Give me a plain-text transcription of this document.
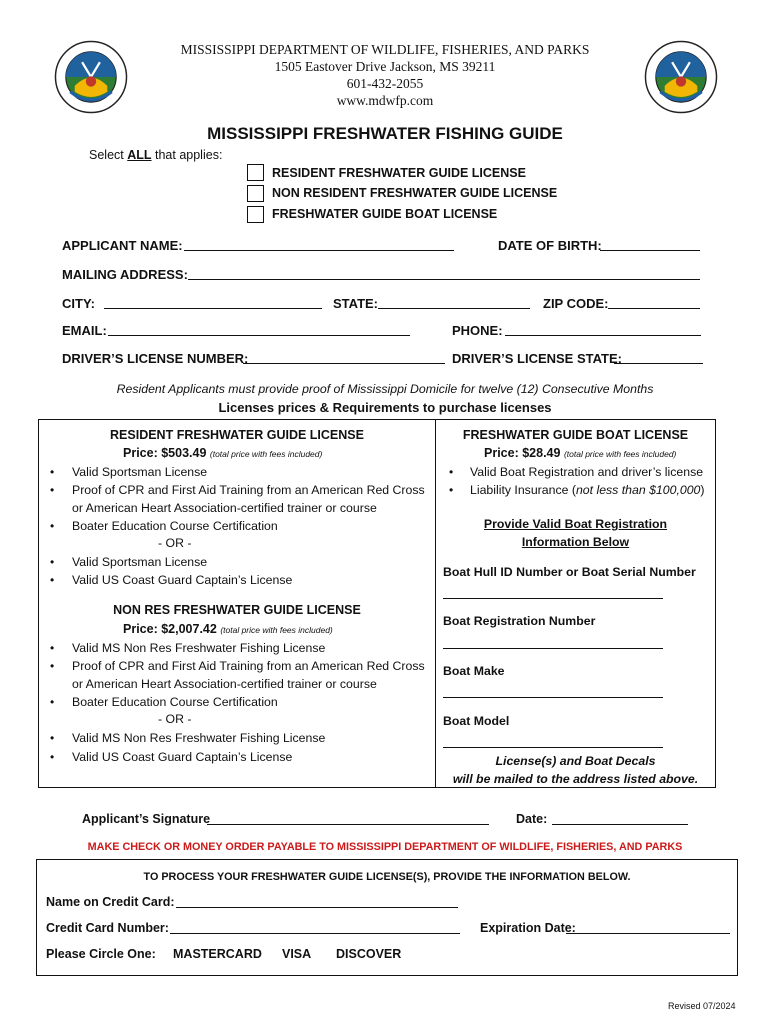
MISSISSIPPI DEPARTMENT OF WILDLIFE, FISHERIES, AND PARKS
1505 Eastover Drive Jackson, MS 39211
601-432-2055
www.mdwfp.com
MISSISSIPPI FRESHWATER FISHING GUIDE
Select ALL that applies:
RESIDENT FRESHWATER GUIDE LICENSE
NON RESIDENT FRESHWATER GUIDE LICENSE
FRESHWATER GUIDE BOAT LICENSE
APPLICANT NAME:	DATE OF BIRTH:
MAILING ADDRESS:
CITY:	STATE:	ZIP CODE:
EMAIL:	PHONE:
DRIVER’S LICENSE NUMBER:	DRIVER’S LICENSE STATE:
Resident Applicants must provide proof of Mississippi Domicile for twelve (12) Consecutive Months
Licenses prices & Requirements to purchase licenses
RESIDENT FRESHWATER GUIDE LICENSE
Price: $503.49 (total price with fees included)
• Valid Sportsman License
• Proof of CPR and First Aid Training from an American Red Cross
or American Heart Association-certified trainer or course
• Boater Education Course Certification
- OR -
• Valid Sportsman License
• Valid US Coast Guard Captain’s License
NON RES FRESHWATER GUIDE LICENSE
Price: $2,007.42 (total price with fees included)
• Valid MS Non Res Freshwater Fishing License
• Proof of CPR and First Aid Training from an American Red Cross
or American Heart Association-certified trainer or course
• Boater Education Course Certification
- OR -
• Valid MS Non Res Freshwater Fishing License
• Valid US Coast Guard Captain’s License
FRESHWATER GUIDE BOAT LICENSE
Price: $28.49 (total price with fees included)
• Valid Boat Registration and driver’s license
• Liability Insurance (not less than $100,000)
Provide Valid Boat Registration
Information Below
Boat Hull ID Number or Boat Serial Number
Boat Registration Number
Boat Make
Boat Model
License(s) and Boat Decals
will be mailed to the address listed above.
Applicant’s Signature	Date:
MAKE CHECK OR MONEY ORDER PAYABLE TO MISSISSIPPI DEPARTMENT OF WILDLIFE, FISHERIES, AND PARKS
TO PROCESS YOUR FRESHWATER GUIDE LICENSE(S), PROVIDE THE INFORMATION BELOW.
Name on Credit Card:
Credit Card Number:	Expiration Date:
Please Circle One: MASTERCARD VISA DISCOVER
Revised 07/2024
